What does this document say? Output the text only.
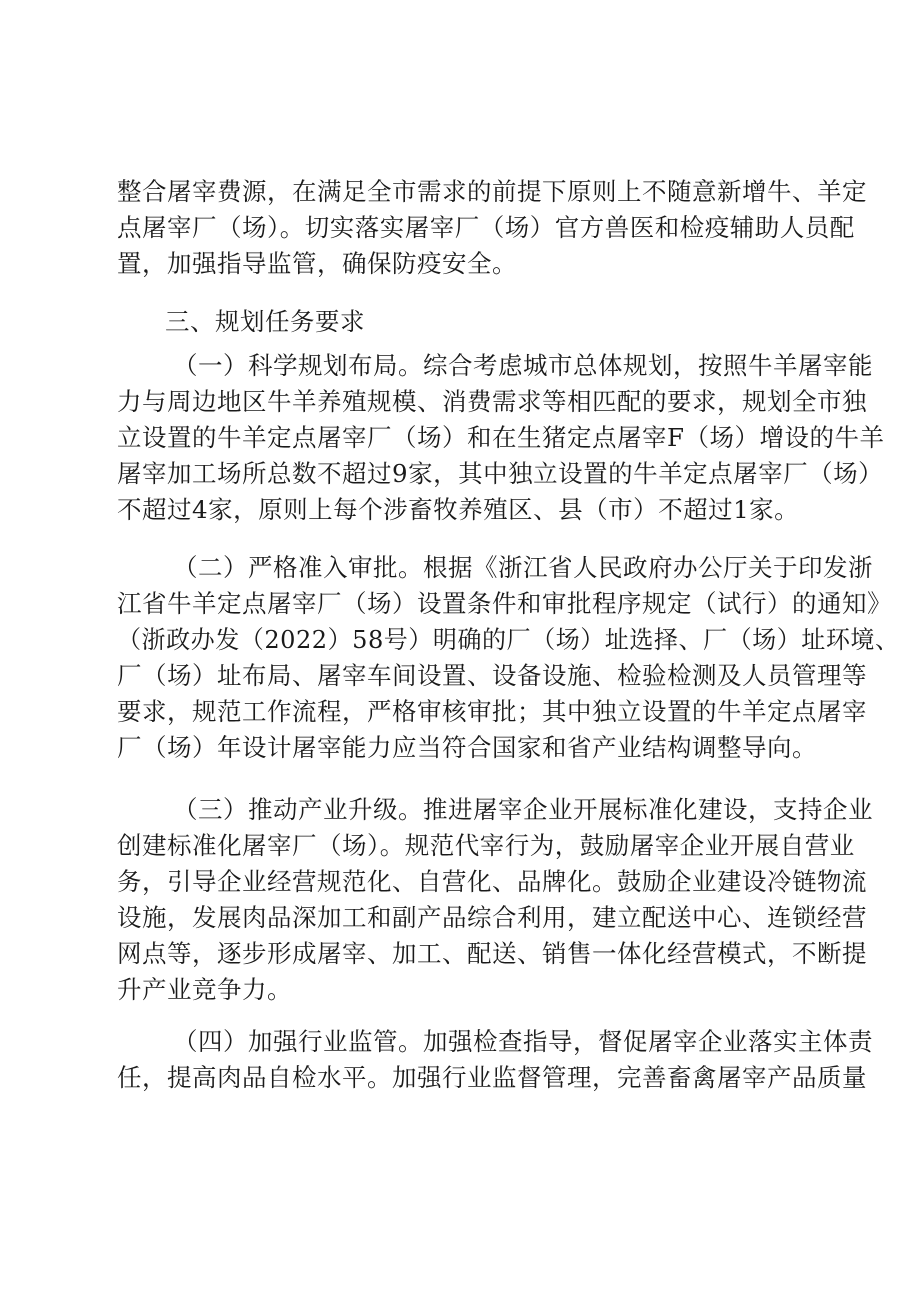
整合屠宰费源，在满足全市需求的前提下原则上不随意新增牛、羊定

点屠宰厂（场）。切实落实屠宰厂（场）官方兽医和检疫辅助人员配

置，加强指导监管，确保防疫安全。

三、规划任务要求

（一）科学规划布局。综合考虑城市总体规划，按照牛羊屠宰能

力与周边地区牛羊养殖规模、消费需求等相匹配的要求，规划全市独

立设置的牛羊定点屠宰厂（场）和在生猪定点屠宰F（场）增设的牛羊

屠宰加工场所总数不超过9家，其中独立设置的牛羊定点屠宰厂（场）

不超过4家，原则上每个涉畜牧养殖区、县（市）不超过1家。

（二）严格准入审批。根据《浙江省人民政府办公厅关于印发浙

江省牛羊定点屠宰厂（场）设置条件和审批程序规定（试行）的通知》

（浙政办发（2022）58号）明确的厂（场）址选择、厂（场）址环境、

厂（场）址布局、屠宰车间设置、设备设施、检验检测及人员管理等

要求，规范工作流程，严格审核审批；其中独立设置的牛羊定点屠宰

厂（场）年设计屠宰能力应当符合国家和省产业结构调整导向。

（三）推动产业升级。推进屠宰企业开展标准化建设，支持企业

创建标准化屠宰厂（场）。规范代宰行为，鼓励屠宰企业开展自营业

务，引导企业经营规范化、自营化、品牌化。鼓励企业建设冷链物流

设施，发展肉品深加工和副产品综合利用，建立配送中心、连锁经营

网点等，逐步形成屠宰、加工、配送、销售一体化经营模式，不断提

升产业竞争力。

（四）加强行业监管。加强检查指导，督促屠宰企业落实主体责

任，提高肉品自检水平。加强行业监督管理，完善畜禽屠宰产品质量
